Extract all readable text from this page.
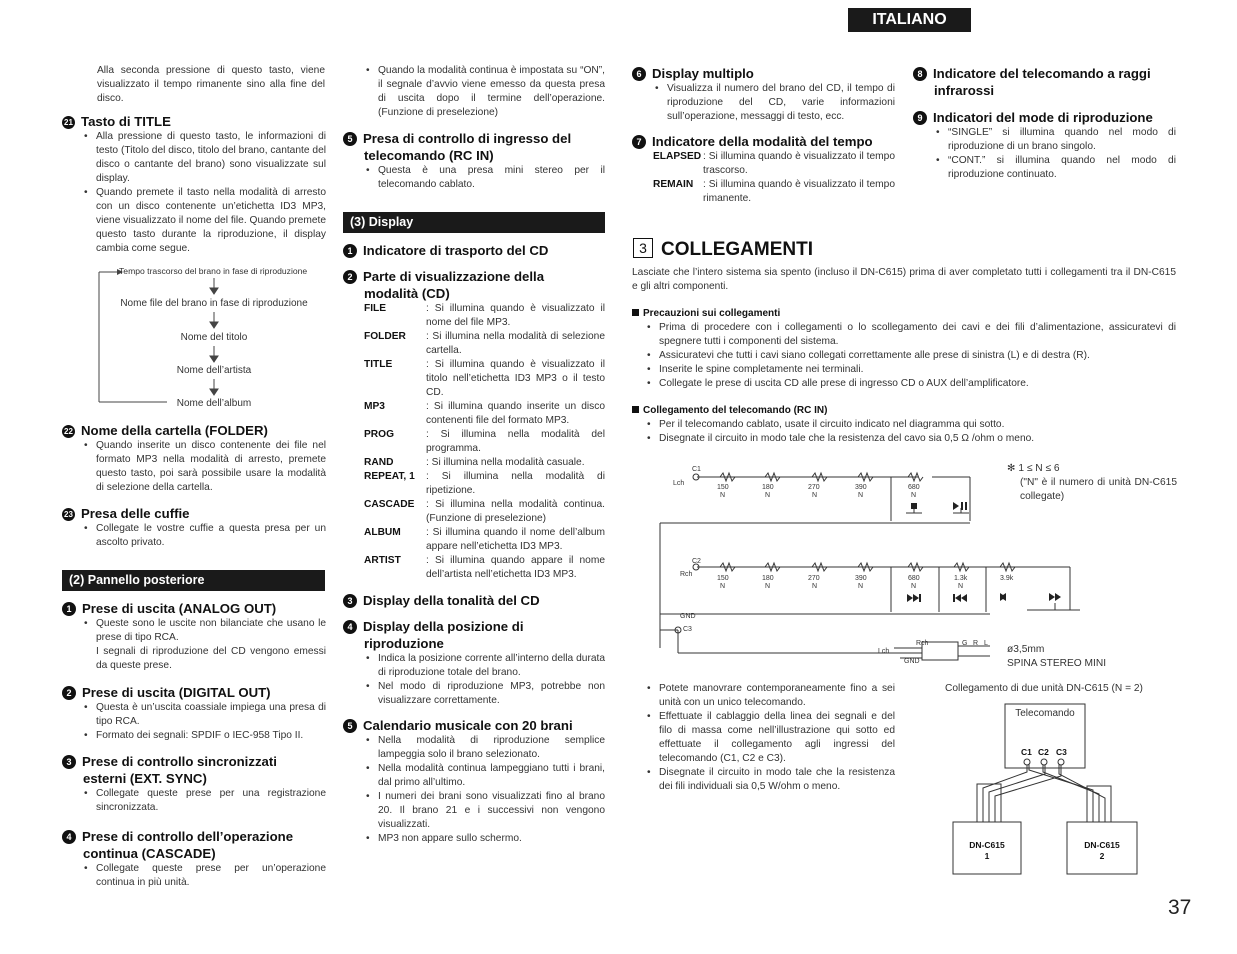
ITALIANO
Alla seconda pressione di questo tasto, viene visualizzato il tempo rimanente sino alla fine del disco.
21 Tasto di TITLE
• Alla pressione di questo tasto, le informazioni di testo (Titolo del disco, titolo del brano, cantante del disco o cantante del brano) sono visualizzate sul display.
• Quando premete il tasto nella modalità di arresto con un disco contenente un’etichetta ID3 MP3, viene visualizzato il nome del file. Quando premete questo tasto durante la riproduzione, il display cambia come segue.
Tempo trascorso del brano in fase di riproduzione
Nome file del brano in fase di riproduzione
Nome del titolo
Nome dell’artista
Nome dell’album
22 Nome della cartella (FOLDER)
• Quando inserite un disco contenente dei file nel formato MP3 nella modalità di arresto, premete questo tasto, poi sarà possibile usare la modalità di selezione della cartella.
23 Presa delle cuffie
• Collegate le vostre cuffie a questa presa per un ascolto privato.
(2) Pannello posteriore
1 Prese di uscita (ANALOG OUT)
• Queste sono le uscite non bilanciate che usano le prese di tipo RCA.
I segnali di riproduzione del CD vengono emessi da queste prese.
2 Prese di uscita (DIGITAL OUT)
• Questa è un’uscita coassiale impiega una presa di tipo RCA.
• Formato dei segnali: SPDIF o IEC-958 Tipo II.
3 Prese di controllo sincronizzati
esterni (EXT. SYNC)
• Collegate queste prese per una registrazione sincronizzata.
4 Prese di controllo dell’operazione
continua (CASCADE)
• Collegate queste prese per un’operazione continua in più unità.
• Quando la modalità continua è impostata su “ON”, il segnale d’avvio viene emesso da questa presa di uscita dopo il termine dell’operazione. (Funzione di preselezione)
5 Presa di controllo di ingresso del
telecomando (RC IN)
• Questa è una presa mini stereo per il telecomando cablato.
(3) Display
1 Indicatore di trasporto del CD
2 Parte di visualizzazione della
modalità (CD)
FILE	: Si illumina quando è visualizzato il nome del file MP3.
FOLDER : Si illumina nella modalità di selezione cartella.
TITLE	: Si illumina quando è visualizzato il titolo nell’etichetta ID3 MP3 o il testo CD.
MP3	: Si illumina quando inserite un disco contenenti file del formato MP3.
PROG	: Si illumina nella modalità del programma.
RAND	: Si illumina nella modalità casuale.
REPEAT, 1 : Si illumina nella modalità di ripetizione.
CASCADE : Si illumina nella modalità continua. (Funzione di preselezione)
ALBUM : Si illumina quando il nome dell’album appare nell’etichetta ID3 MP3.
ARTIST : Si illumina quando appare il nome dell’artista nell’etichetta ID3 MP3.
3 Display della tonalità del CD
4 Display della posizione di
riproduzione
• Indica la posizione corrente all’interno della durata di riproduzione totale del brano.
• Nel modo di riproduzione MP3, potrebbe non visualizzare correttamente.
5 Calendario musicale con 20 brani
• Nella modalità di riproduzione semplice lampeggia solo il brano selezionato.
• Nella modalità continua lampeggiano tutti i brani, dal primo all’ultimo.
• I numeri dei brani sono visualizzati fino al brano 20. Il brano 21 e i successivi non vengono visualizzati.
• MP3 non appare sullo schermo.
6 Display multiplo
• Visualizza il numero del brano del CD, il tempo di riproduzione del CD, varie informazioni sull’operazione, messaggi di testo, ecc.
7 Indicatore della modalità del tempo
ELAPSED : Si illumina quando è visualizzato il tempo trascorso.
REMAIN : Si illumina quando è visualizzato il tempo rimanente.
8 Indicatore del telecomando a raggi infrarossi
9 Indicatori del mode di riproduzione
• “SINGLE” si illumina quando nel modo di riproduzione di un brano singolo.
• “CONT.” si illumina quando nel modo di riproduzione continuato.
3 COLLEGAMENTI
Lasciate che l’intero sistema sia spento (incluso il DN-C615) prima di aver completato tutti i collegamenti tra il DN-C615 e gli altri componenti.
Precauzioni sui collegamenti
• Prima di procedere con i collegamenti o lo scollegamento dei cavi e dei fili d’alimentazione, assicuratevi di spegnere tutti i componenti del sistema.
• Assicuratevi che tutti i cavi siano collegati correttamente alle prese di sinistra (L) e di destra (R).
• Inserite le spine completamente nei terminali.
• Collegate le prese di uscita CD alle prese di ingresso CD o AUX dell’amplificatore.
Collegamento del telecomando (RC IN)
• Per il telecomando cablato, usate il circuito indicato nel diagramma qui sotto.
• Disegnate il circuito in modo tale che la resistenza del cavo sia 0,5 Ω /ohm o meno.
C1
Lch
C2
Rch
GND
C3
150
N
180
N
270
N
390
N
680
N
150
N
180
N
270
N
390
N
680
N
1.3k
N
3.9k
Rch
Lch
GND
G R L
✻ 1 ≤ N ≤ 6
("N" è il numero di unità DN-C615 collegate)
ø3,5mm
SPINA STEREO MINI
• Potete manovrare contemporaneamente fino a sei unità con un unico telecomando.
• Effettuate il cablaggio della linea dei segnali e del filo di massa come nell’illustrazione qui sotto ed effettuate il collegamento agli ingressi del telecomando (C1, C2 e C3).
• Disegnate il circuito in modo tale che la resistenza dei fili individuali sia 0,5 W/ohm o meno.
Collegamento di due unità DN-C615 (N = 2)
Telecomando
C1 C2 C3
DN-C615
1
DN-C615
2
37
